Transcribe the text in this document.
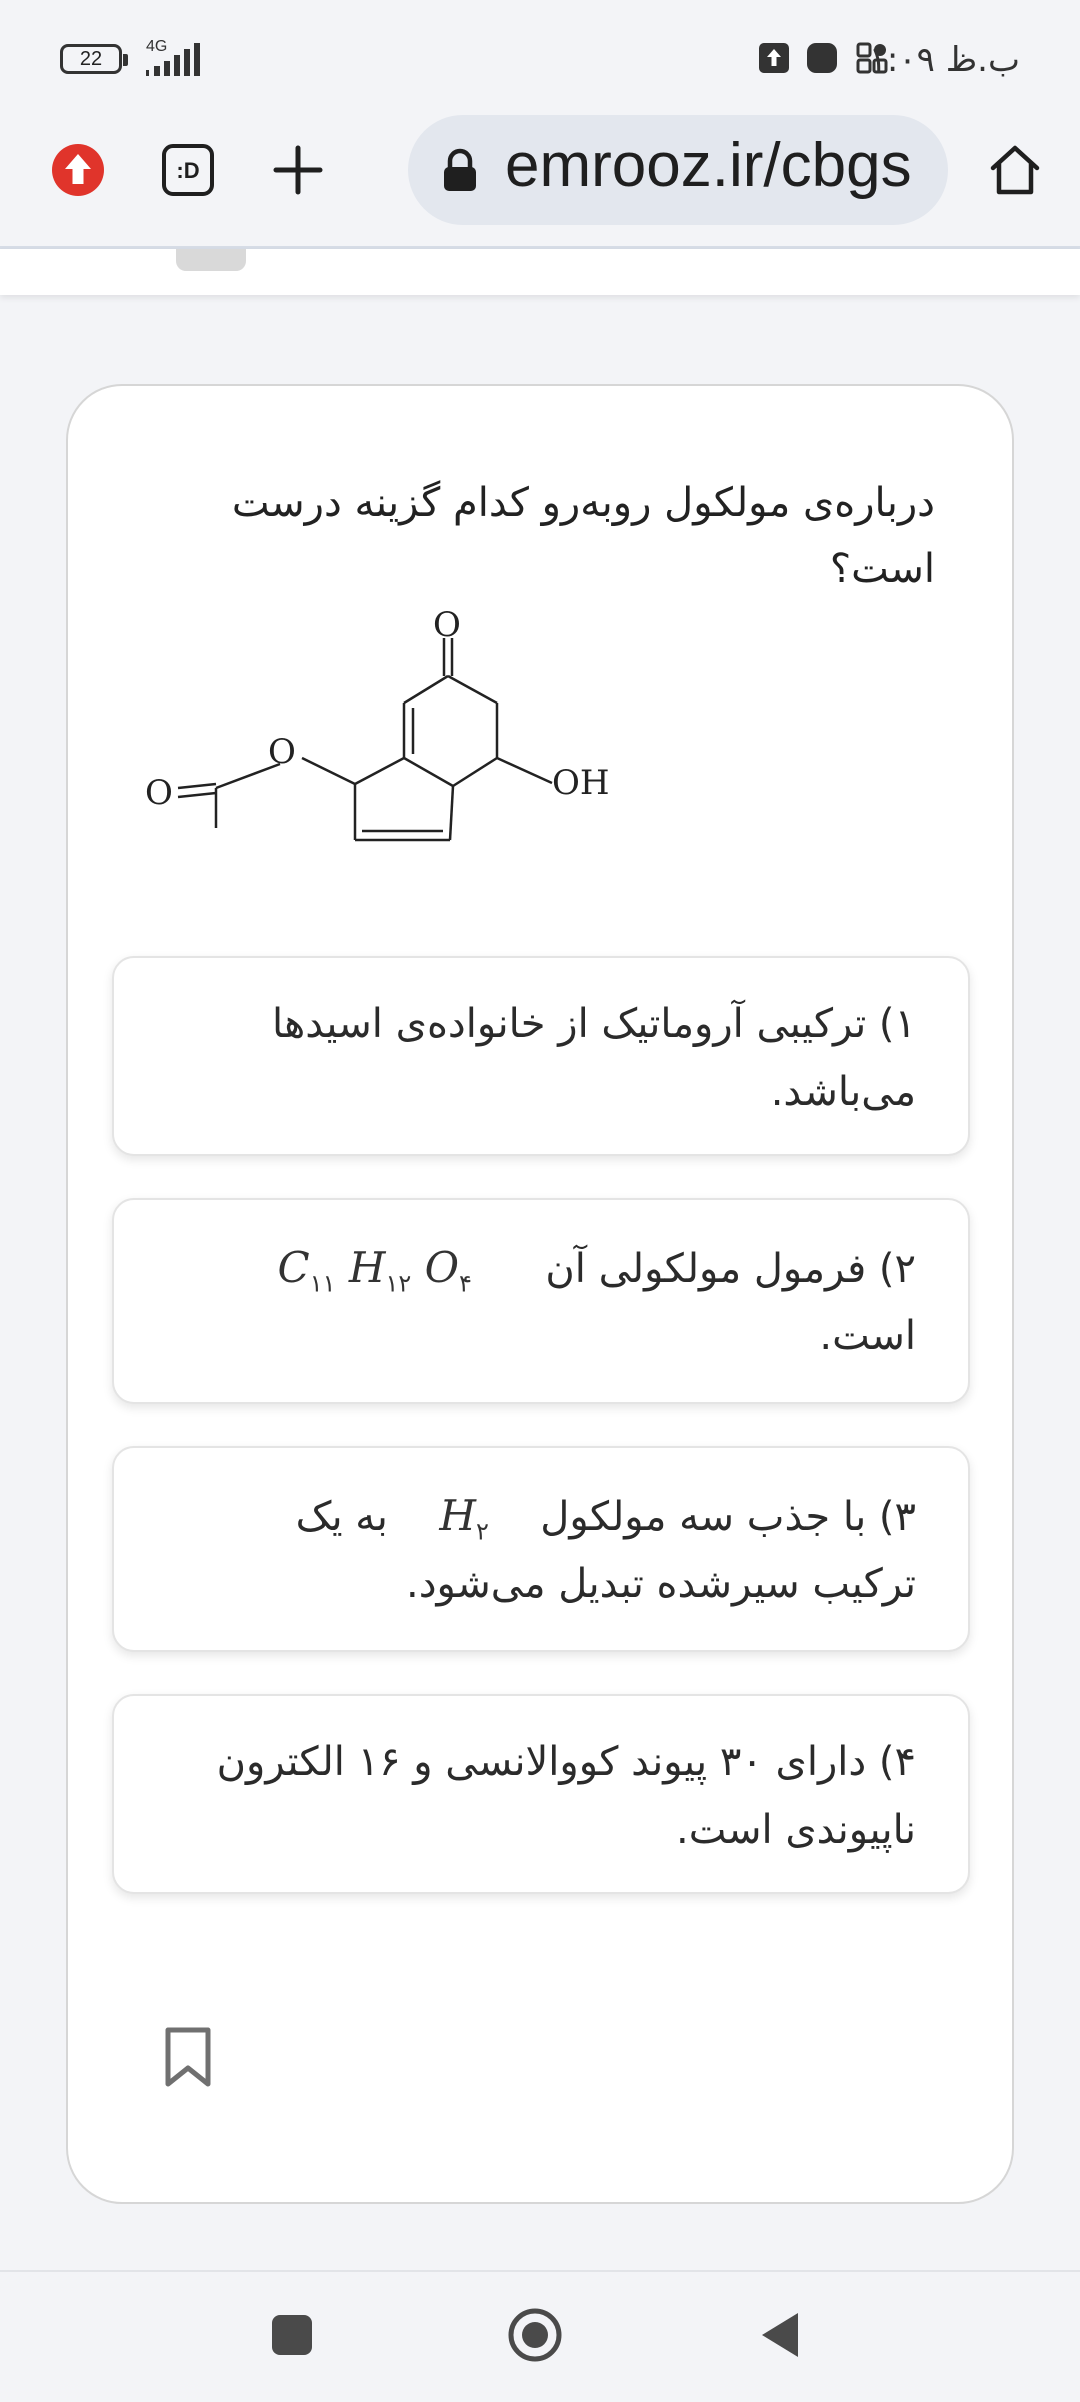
22
4G	۱:۰۹ ب.ظ
:D	emrooz.ir/cbgs
درباره‌ی مولکول روبه‌رو کدام گزینه درست است؟
O
O
O	OH
۱) ترکیبی آروماتیک از خانواده‌ی اسیدها
می‌باشد.
۲) فرمول مولکولی آن  $C_{۱۱}$ $H_{۱۲}$ $O_۴$
است.
۳) با جذب سه مولکول  $H_۲$  به یک
ترکیب سیرشده تبدیل می‌شود.
۴) دارای ۳۰ پیوند کووالانسی و ۱۶ الکترون
ناپیوندی است.
